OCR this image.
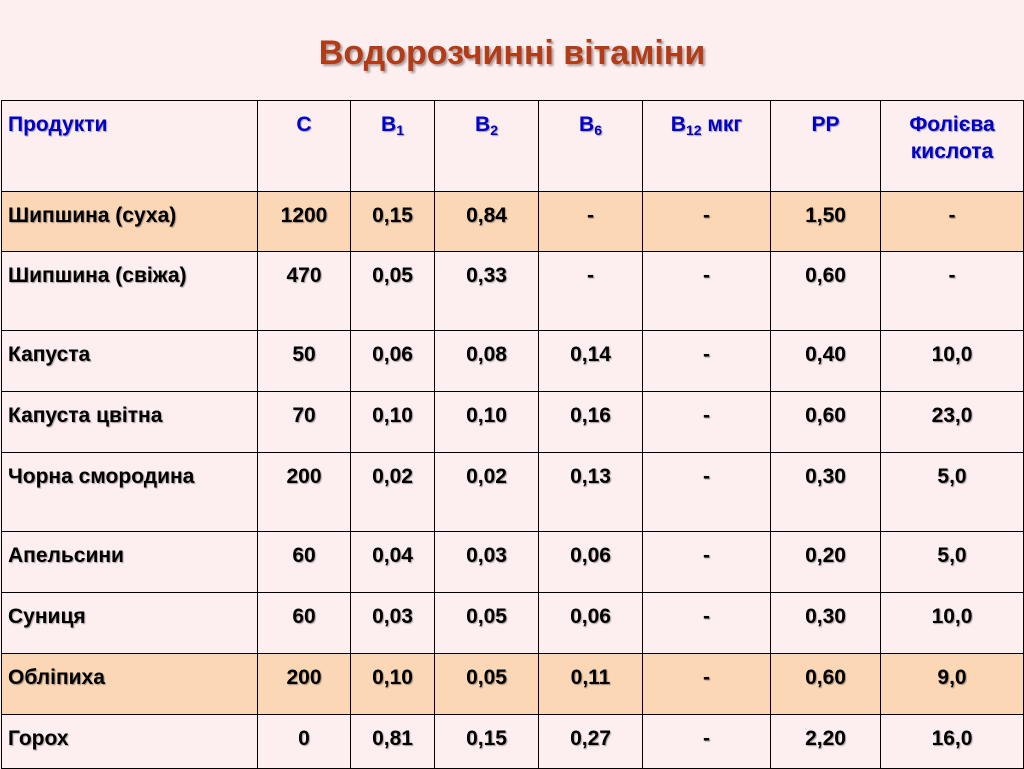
Водорозчинні вітаміни
Продукти	С	$В_1$	$В_2$	$В_6$	$В_{12}$ мкг	РР	Фолієва кислота
Шипшина (суха)	1200	0,15	0,84	-	-	1,50	-
Шипшина (свіжа)	470	0,05	0,33	-	-	0,60	-
Капуста	50	0,06	0,08	0,14	-	0,40	10,0
Капуста цвітна	70	0,10	0,10	0,16	-	0,60	23,0
Чорна смородина	200	0,02	0,02	0,13	-	0,30	5,0
Апельсини	60	0,04	0,03	0,06	-	0,20	5,0
Суниця	60	0,03	0,05	0,06	-	0,30	10,0
Обліпиха	200	0,10	0,05	0,11	-	0,60	9,0
Горох	0	0,81	0,15	0,27	-	2,20	16,0
